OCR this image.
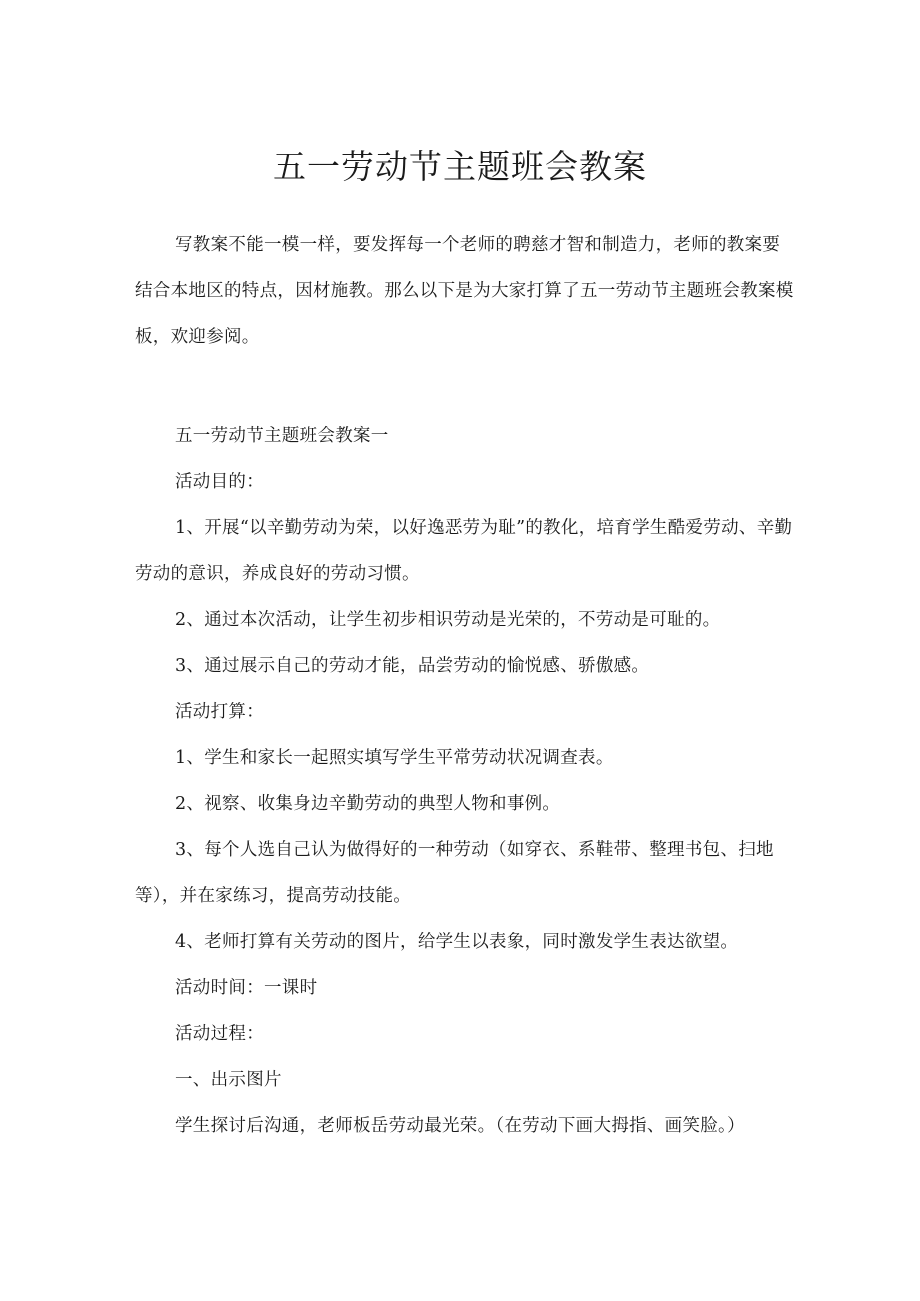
五一劳动节主题班会教案

写教案不能一模一样，要发挥每一个老师的聘慈才智和制造力，老师的教案要结合本地区的特点，因材施教。那么以下是为大家打算了五一劳动节主题班会教案模板，欢迎参阅。

五一劳动节主题班会教案一

活动目的：

1、开展“以辛勤劳动为荣，以好逸恶劳为耻”的教化，培育学生酷爱劳动、辛勤劳动的意识，养成良好的劳动习惯。

2、通过本次活动，让学生初步相识劳动是光荣的，不劳动是可耻的。

3、通过展示自己的劳动才能，品尝劳动的愉悦感、骄傲感。

活动打算：

1、学生和家长一起照实填写学生平常劳动状况调查表。

2、视察、收集身边辛勤劳动的典型人物和事例。

3、每个人选自己认为做得好的一种劳动（如穿衣、系鞋带、整理书包、扫地等），并在家练习，提高劳动技能。

4、老师打算有关劳动的图片，给学生以表象，同时激发学生表达欲望。

活动时间：一课时

活动过程：

一、出示图片

学生探讨后沟通，老师板岳劳动最光荣。（在劳动下画大拇指、画笑脸。）
